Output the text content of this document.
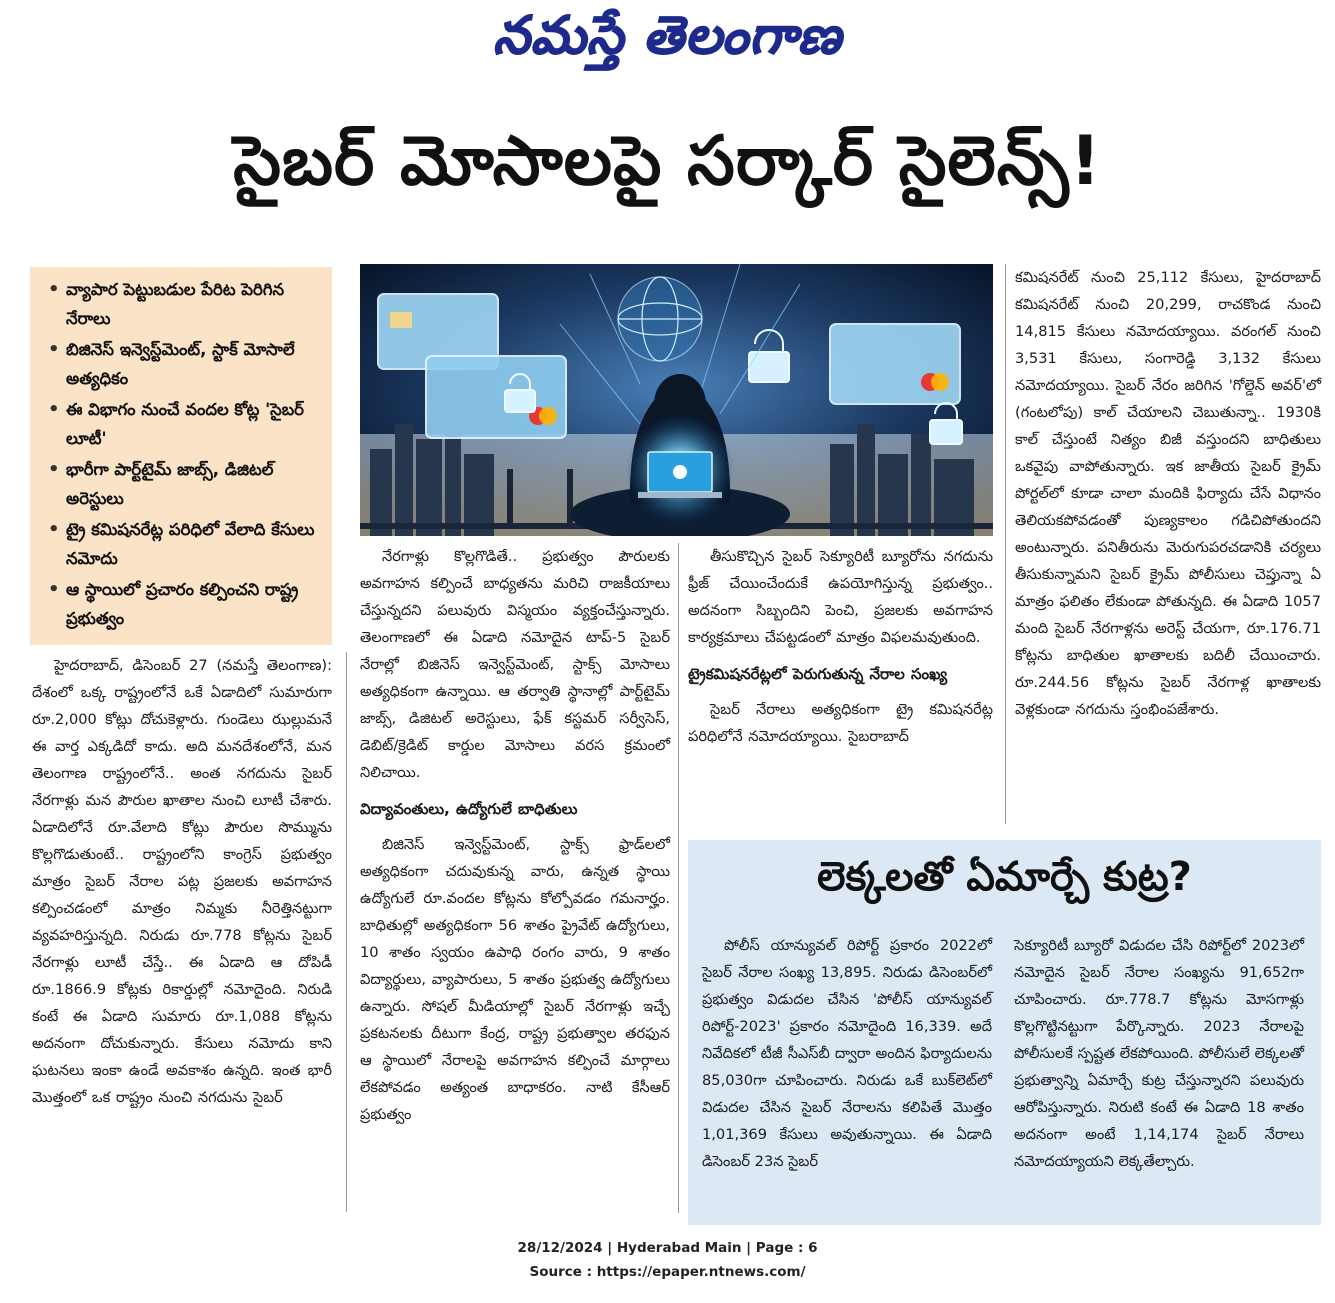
నమస్తే తెలంగాణ
సైబర్ మోసాలపై సర్కార్ సైలెన్స్!
• వ్యాపార పెట్టుబడుల పేరిట పెరిగిన నేరాలు
• బిజినెస్ ఇన్వెస్ట్‌మెంట్, స్టాక్ మోసాలే అత్యధికం
• ఈ విభాగం నుంచే వందల కోట్ల 'సైబర్ లూటీ'
• భారీగా పార్ట్‌టైమ్ జాబ్స్, డిజిటల్ అరెస్టులు
• ట్రై కమిషనరేట్ల పరిధిలో వేలాది కేసులు నమోదు
• ఆ స్థాయిలో ప్రచారం కల్పించని రాష్ట్ర ప్రభుత్వం

హైదరాబాద్, డిసెంబర్ 27 (నమస్తే తెలంగాణ): దేశంలో ఒక్క రాష్ట్రంలోనే ఒకే ఏడాదిలో సుమారుగా రూ.2,000 కోట్లు దోచుకెళ్లారు. గుండెలు ఝల్లుమనే ఈ వార్త ఎక్కడిదో కాదు. అది మనదేశంలోనే, మన తెలంగాణ రాష్ట్రంలోనే.. అంత నగదును సైబర్ నేరగాళ్లు మన పౌరుల ఖాతాల నుంచి లూటీ చేశారు. ఏడాదిలోనే రూ.వేలాది కోట్లు పౌరుల సొమ్మును కొల్లగొడుతుంటే.. రాష్ట్రంలోని కాంగ్రెస్ ప్రభుత్వం మాత్రం సైబర్ నేరాల పట్ల ప్రజలకు అవగాహన కల్పించడంలో మాత్రం నిమ్మకు నీరెత్తినట్టుగా వ్యవహరిస్తున్నది. నిరుడు రూ.778 కోట్లను సైబర్ నేరగాళ్లు లూటీ చేస్తే.. ఈ ఏడాది ఆ దోపిడీ రూ.1866.9 కోట్లకు రికార్డుల్లో నమోదైంది. నిరుడి కంటే ఈ ఏడాది సుమారు రూ.1,088 కోట్లను అదనంగా దోచుకున్నారు. కేసులు నమోదు కాని ఘటనలు ఇంకా ఉండే అవకాశం ఉన్నది. ఇంత భారీ మొత్తంలో ఒక రాష్ట్రం నుంచి నగదును సైబర్

నేరగాళ్లు కొల్లగొడితే.. ప్రభుత్వం పౌరులకు అవగాహన కల్పించే బాధ్యతను మరిచి రాజకీయాలు చేస్తున్నదని పలువురు విస్మయం వ్యక్తంచేస్తున్నారు. తెలంగాణలో ఈ ఏడాది నమోదైన టాప్-5 సైబర్ నేరాల్లో బిజినెస్ ఇన్వెస్ట్‌మెంట్, స్టాక్స్ మోసాలు అత్యధికంగా ఉన్నాయి. ఆ తర్వాతి స్థానాల్లో పార్ట్‌టైమ్ జాబ్స్, డిజిటల్ అరెస్టులు, ఫేక్ కస్టమర్ సర్వీసెస్, డెబిట్/క్రెడిట్ కార్డుల మోసాలు వరస క్రమంలో నిలిచాయి.

విద్యావంతులు, ఉద్యోగులే బాధితులు

బిజినెస్ ఇన్వెస్ట్‌మెంట్, స్టాక్స్ ఫ్రాడ్‌లలో అత్యధికంగా చదువుకున్న వారు, ఉన్నత స్థాయి ఉద్యోగులే రూ.వందల కోట్లను కోల్పోవడం గమనార్హం. బాధితుల్లో అత్యధికంగా 56 శాతం ప్రైవేట్ ఉద్యోగులు, 10 శాతం స్వయం ఉపాధి రంగం వారు, 9 శాతం విద్యార్థులు, వ్యాపారులు, 5 శాతం ప్రభుత్వ ఉద్యోగులు ఉన్నారు. సోషల్ మీడియాల్లో సైబర్ నేరగాళ్లు ఇచ్చే ప్రకటనలకు దీటుగా కేంద్ర, రాష్ట్ర ప్రభుత్వాల తరఫున ఆ స్థాయిలో నేరాలపై అవగాహన కల్పించే మార్గాలు లేకపోవడం అత్యంత బాధాకరం. నాటి కేసీఆర్ ప్రభుత్వం

తీసుకొచ్చిన సైబర్ సెక్యూరిటీ బ్యూరోను నగదును ఫ్రీజ్ చేయించేందుకే ఉపయోగిస్తున్న ప్రభుత్వం.. అదనంగా సిబ్బందిని పెంచి, ప్రజలకు అవగాహన కార్యక్రమాలు చేపట్టడంలో మాత్రం విఫలమవుతుంది.

ట్రైకమిషనరేట్లలో పెరుగుతున్న నేరాల సంఖ్య

సైబర్ నేరాలు అత్యధికంగా ట్రై కమిషనరేట్ల పరిధిలోనే నమోదయ్యాయి. సైబరాబాద్

కమిషనరేట్ నుంచి 25,112 కేసులు, హైదరాబాద్ కమిషనరేట్ నుంచి 20,299, రాచకొండ నుంచి 14,815 కేసులు నమోదయ్యాయి. వరంగల్ నుంచి 3,531 కేసులు, సంగారెడ్డి 3,132 కేసులు నమోదయ్యాయి. సైబర్ నేరం జరిగిన 'గోల్డెన్ అవర్'లో (గంటలోపు) కాల్ చేయాలని చెబుతున్నా.. 1930కి కాల్ చేస్తుంటే నిత్యం బిజీ వస్తుందని బాధితులు ఒకవైపు వాపోతున్నారు. ఇక జాతీయ సైబర్ క్రైమ్ పోర్టల్‌లో కూడా చాలా మందికి ఫిర్యాదు చేసే విధానం తెలియకపోవడంతో పుణ్యకాలం గడిచిపోతుందని అంటున్నారు. పనితీరును మెరుగుపరచడానికి చర్యలు తీసుకున్నామని సైబర్ క్రైమ్ పోలీసులు చెప్తున్నా ఏ మాత్రం ఫలితం లేకుండా పోతున్నది. ఈ ఏడాది 1057 మంది సైబర్ నేరగాళ్లను అరెస్ట్ చేయగా, రూ.176.71 కోట్లను బాధితుల ఖాతాలకు బదిలీ చేయించారు. రూ.244.56 కోట్లను సైబర్ నేరగాళ్ల ఖాతాలకు వెళ్లకుండా నగదును స్తంభింపజేశారు.

లెక్కలతో ఏమార్చే కుట్ర?

పోలీస్ యాన్యువల్ రిపోర్ట్ ప్రకారం 2022లో సైబర్ నేరాల సంఖ్య 13,895. నిరుడు డిసెంబర్‌లో ప్రభుత్వం విడుదల చేసిన 'పోలీస్ యాన్యువల్ రిపోర్ట్-2023' ప్రకారం నమోదైంది 16,339. అదే నివేదికలో టీజీ సీఎస్‌బీ ద్వారా అందిన ఫిర్యాదులను 85,030గా చూపించారు. నిరుడు ఒకే బుక్‌లెట్‌లో విడుదల చేసిన సైబర్ నేరాలను కలిపితే మొత్తం 1,01,369 కేసులు అవుతున్నాయి. ఈ ఏడాది డిసెంబర్ 23న సైబర్

సెక్యూరిటీ బ్యూరో విడుదల చేసి రిపోర్ట్‌లో 2023లో నమోదైన సైబర్ నేరాల సంఖ్యను 91,652గా చూపించారు. రూ.778.7 కోట్లను మోసగాళ్లు కొల్లగొట్టినట్టుగా పేర్కొన్నారు. 2023 నేరాలపై పోలీసులకే స్పష్టత లేకపోయింది. పోలీసులే లెక్కలతో ప్రభుత్వాన్ని ఏమార్చే కుట్ర చేస్తున్నారని పలువురు ఆరోపిస్తున్నారు. నిరుటి కంటే ఈ ఏడాది 18 శాతం అదనంగా అంటే 1,14,174 సైబర్ నేరాలు నమోదయ్యాయని లెక్కతేల్చారు.

28/12/2024 | Hyderabad Main | Page : 6
Source : https://epaper.ntnews.com/
